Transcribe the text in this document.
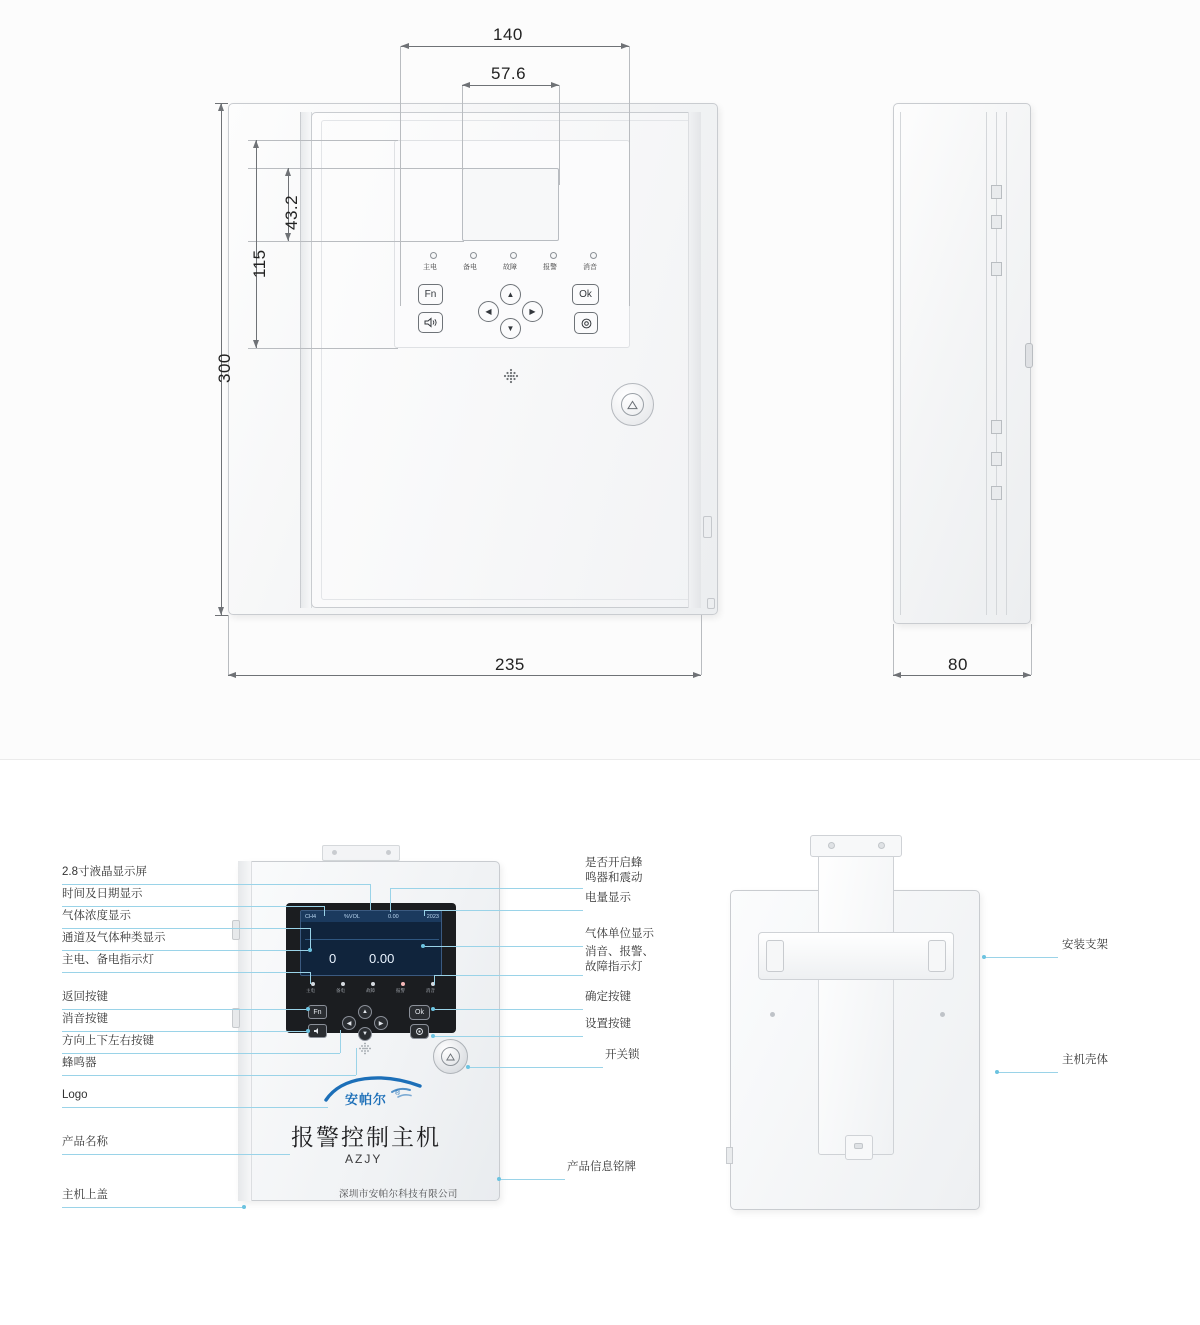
主电	备电	故障	报警	消音
Fn	▲
▼
◀	▶
Ok
140
57.6
43.2
115
300
235	80
CH4	%VOL	0.00	2023
0	0.00
主电	备电	故障	报警	消音
Fn	▲
▼
◀	▶
Ok
安帕尔 ®
报警控制主机
AZJY
深圳市安帕尔科技有限公司
2.8寸液晶显示屏
时间及日期显示
气体浓度显示
通道及气体种类显示
主电、备电指示灯
返回按键
消音按键
方向上下左右按键
蜂鸣器
Logo
产品名称
主机上盖
是否开启蜂
鸣器和震动
电量显示
气体单位显示
消音、报警、
故障指示灯
确定按键
设置按键
开关锁
产品信息铭牌
安装支架
主机壳体
